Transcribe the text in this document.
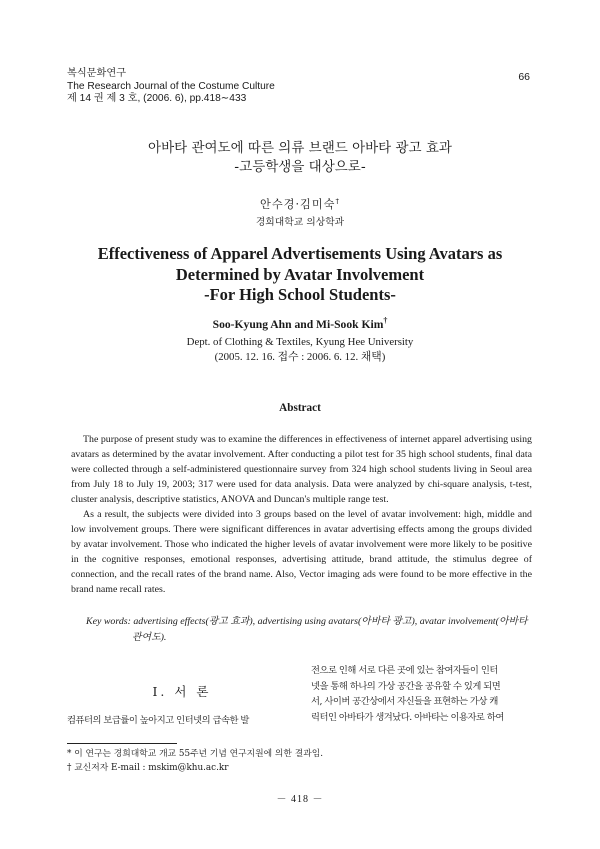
복식문화연구
The Research Journal of the Costume Culture
제 14 권 제 3 호, (2006. 6), pp.418∼433
66
아바타 관여도에 따른 의류 브랜드 아바타 광고 효과
-고등학생을 대상으로-
안수경·김미숙†
경희대학교 의상학과
Effectiveness of Apparel Advertisements Using Avatars as
Determined by Avatar Involvement
-For High School Students-
Soo-Kyung Ahn and Mi-Sook Kim†
Dept. of Clothing & Textiles, Kyung Hee University
(2005. 12. 16. 접수 : 2006. 6. 12. 채택)
Abstract

The purpose of present study was to examine the differences in effectiveness of internet apparel advertising using avatars as determined by the avatar involvement. After conducting a pilot test for 35 high school students, final data were collected through a self-administered questionnaire survey from 324 high school students living in Seoul area from July 18 to July 19, 2003; 317 were used for data analysis. Data were analyzed by chi-square analysis, t-test, cluster analysis, descriptive statistics, ANOVA and Duncan's multiple range test.

As a result, the subjects were divided into 3 groups based on the level of avatar involvement: high, middle and low involvement groups. There were significant differences in avatar advertising effects among the groups divided by avatar involvement. Those who indicated the higher levels of avatar involvement were more likely to be positive in the cognitive responses, emotional responses, advertising attitude, brand attitude, the stimulus degree of connection, and the recall rates of the brand name. Also, Vector imaging ads were found to be more effective in the brand name recall rates.

Key words: advertising effects(광고 효과), advertising using avatars(아바타 광고), avatar involvement(아바타
관여도).
Ⅰ. 서 론
컴퓨터의 보급률이 높아지고 인터넷의 급속한 발
전으로 인해 서로 다른 곳에 있는 참여자들이 인터
넷을 통해 하나의 가상 공간을 공유할 수 있게 되면
서, 사이버 공간상에서 자신들을 표현하는 가상 캐
릭터인 아바타가 생겨났다. 아바타는 이용자로 하여
* 이 연구는 경희대학교 개교 55주년 기념 연구지원에 의한 결과임.
† 교신저자 E-mail : mskim@khu.ac.kr
－ 418 －
